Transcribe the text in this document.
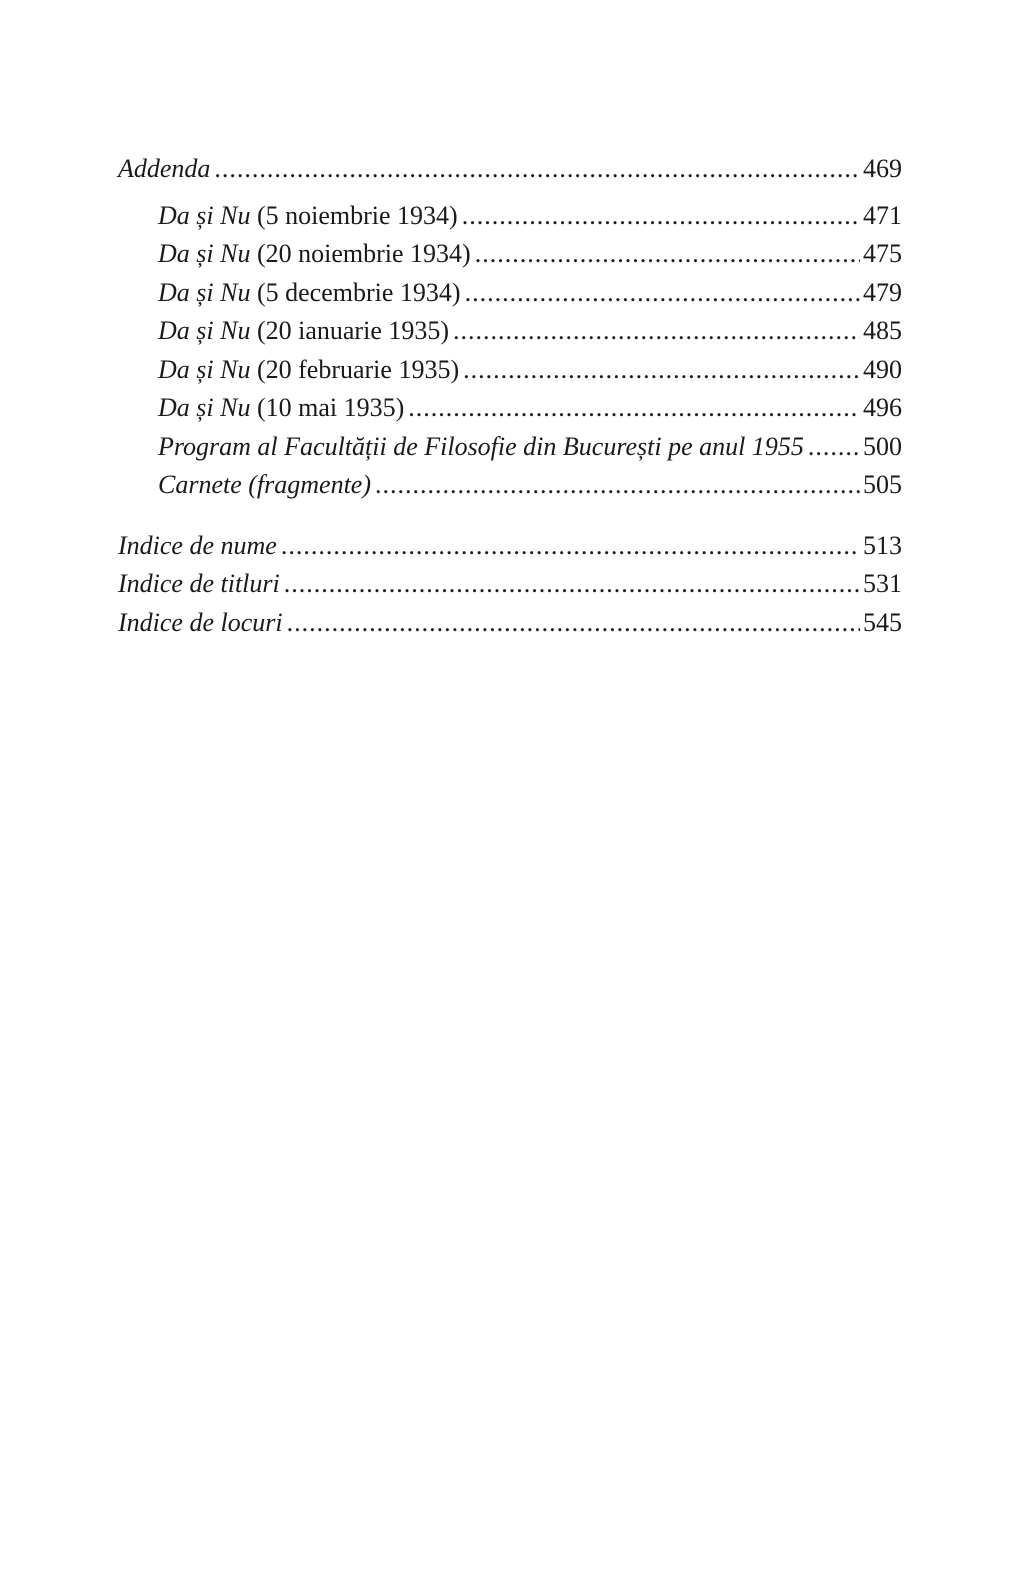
Addenda .....	469
Da și Nu (5 noiembrie 1934) .....	471
Da și Nu (20 noiembrie 1934) .....	475
Da și Nu (5 decembrie 1934) .....	479
Da și Nu (20 ianuarie 1935) .....	485
Da și Nu (20 februarie 1935) .....	490
Da și Nu (10 mai 1935) .....	496
Program al Facultății de Filosofie din București pe anul 1955 ..... 500
Carnete (fragmente) .....	505
Indice de nume .....	513
Indice de titluri .....	531
Indice de locuri .....	545
